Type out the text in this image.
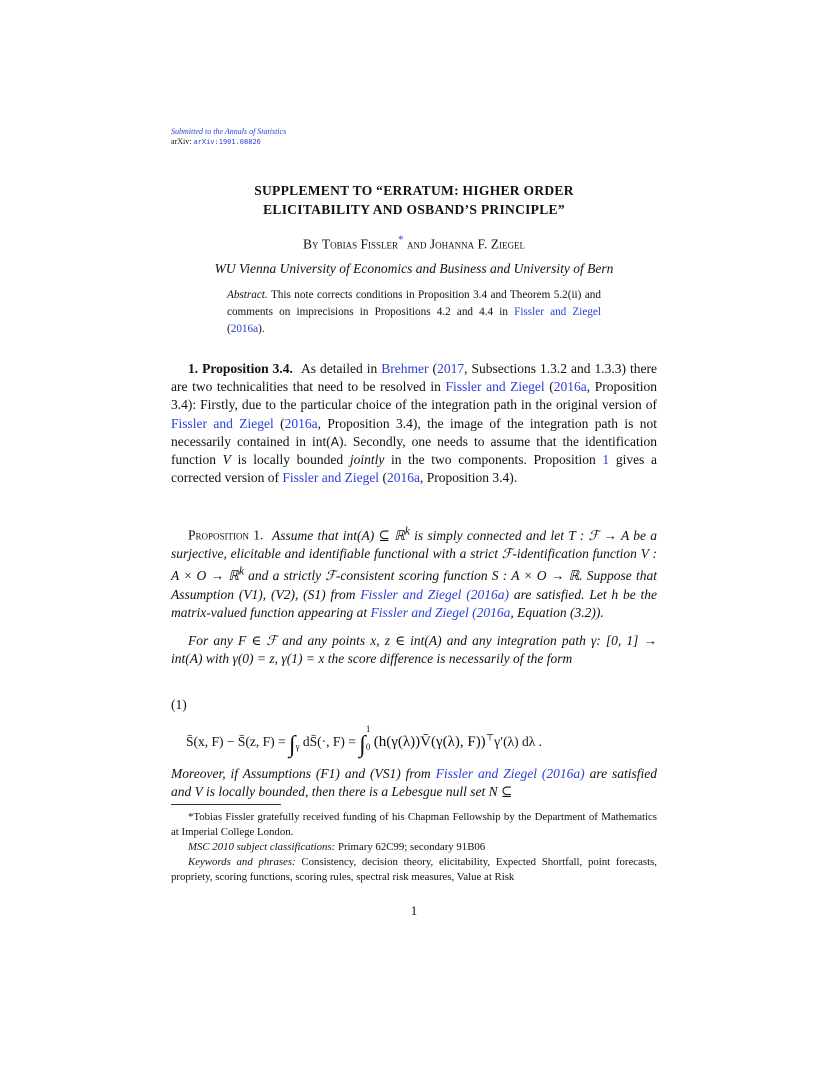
Submitted to the Annals of Statistics
arXiv: arXiv:1901.08826
SUPPLEMENT TO “ERRATUM: HIGHER ORDER
ELICITABILITY AND OSBAND’S PRINCIPLE”
By Tobias Fissler* and Johanna F. Ziegel
WU Vienna University of Economics and Business and University of Bern
Abstract. This note corrects conditions in Proposition 3.4 and Theorem 5.2(ii) and comments on imprecisions in Propositions 4.2 and 4.4 in Fissler and Ziegel (2016a).
1. Proposition 3.4. As detailed in Brehmer (2017, Subsections 1.3.2 and 1.3.3) there are two technicalities that need to be resolved in Fissler and Ziegel (2016a, Proposition 3.4): Firstly, due to the particular choice of the integration path in the original version of Fissler and Ziegel (2016a, Proposition 3.4), the image of the integration path is not necessarily contained in int(A). Secondly, one needs to assume that the identification function V is locally bounded jointly in the two components. Proposition 1 gives a corrected version of Fissler and Ziegel (2016a, Proposition 3.4).
Proposition 1. Assume that int(A) ⊆ ℝ$^k$ is simply connected and let T : ℱ → A be a surjective, elicitable and identifiable functional with a strict ℱ-identification function V : A × O → ℝ$^k$ and a strictly ℱ-consistent scoring function S : A × O → ℝ. Suppose that Assumption (V1), (V2), (S1) from Fissler and Ziegel (2016a) are satisfied. Let h be the matrix-valued function appearing at Fissler and Ziegel (2016a, Equation (3.2)).
For any F ∈ ℱ and any points x, z ∈ int(A) and any integration path γ: [0, 1] → int(A) with γ(0) = z, γ(1) = x the score difference is necessarily of the form
(1)
S̄(x, F) − S̄(z, $F) = \int_\gamma$ dS̄(·, F) = ∫
1
0 (h(γ(λ))V̄(γ(λ), F))⊤γ′(λ) dλ .
Moreover, if Assumptions (F1) and (VS1) from Fissler and Ziegel (2016a) are satisfied and V is locally bounded, then there is a Lebesgue null set N ⊆
*Tobias Fissler gratefully received funding of his Chapman Fellowship by the Department of Mathematics at Imperial College London.
MSC 2010 subject classifications: Primary 62C99; secondary 91B06
Keywords and phrases: Consistency, decision theory, elicitability, Expected Shortfall, point forecasts, propriety, scoring functions, scoring rules, spectral risk measures, Value at Risk
1
